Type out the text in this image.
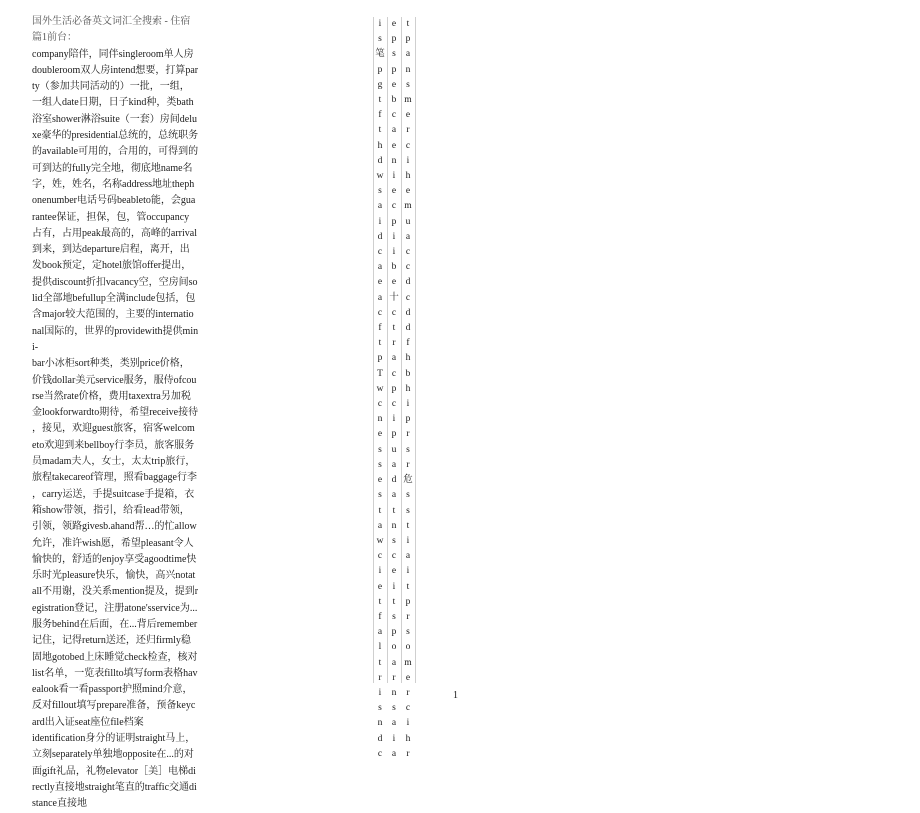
国外生活必备英文词汇全搜索 - 住宿
篇1前台：
company陪伴，同伴singleroom单人房
doubleroom双人房intend想要，打算par
ty（参加共同活动的）一批，一组，
一组人date日期，日子kind种，类bath
浴室shower淋浴suite（一套）房间delu
xe豪华的presidential总统的，总统职务
的available可用的，合用的，可得到的
可到达的fully完全地，彻底地name名
字，姓，姓名，名称address地址theph
onenumber电话号码beableto能，会gua
rantee保证，担保，包，管occupancy
占有，占用peak最高的，高峰的arrival
到来，到达departure启程，离开，出
发book预定，定hotel旅馆offer提出，
提供discount折扣vacancy空，空房间so
lid全部地befullup全满include包括，包
含major较大范围的，主要的internatio
nal国际的，世界的providewith提供min
i-
bar小冰柜sort种类，类别price价格，
价钱dollar美元service服务，服侍ofcou
rse当然rate价格，费用taxextra另加税
金lookforwardto期待，希望receive接待
，接见，欢迎guest旅客，宿客welcom
eto欢迎到来bellboy行李员，旅客服务
员madam夫人，女士，太太trip旅行，
旅程takecareof管理，照看baggage行李
，carry运送，手提suitcase手提箱，衣
箱show带领，指引，给看lead带领，
引领，领路givesb.ahand帮…的忙allow
允许，准许wish愿，希望pleasant令人
愉快的，舒适的enjoy享受agoodtime快
乐时光pleasure快乐，愉快，高兴notat
all不用谢，没关系mention提及，提到r
egistration登记，注册atone'sservice为...
服务behind在后面，在...背后remember
记住，记得return送还，还归firmly稳
固地gotobed上床睡觉check检查，核对
list名单，一览表fillto填写form表格hav
ealook看一看passport护照mind介意，
反对fillout填写prepare准备，预备keyc
ard出入证seat座位file档案
identification身分的证明straight马上，
立刻separately单独地opposite在...的对
面gift礼品，礼物elevator［美］电梯di
rectly直接地straight笔直的traffic交通di
stance直接地
i
s
笔
p
g
t
f
t
h
d
w
s
a
i
d
c
a
e
a
c
f
t
p
T
w
c
n
e
s
s
e
s
t
a
w
c
i
e
t
f
a
l
t
r
i
s
n
d
c
e
p
s
p
e
b
c
a
e
n
i
e
c
p
i
i
b
e
十
c
t
r
a
c
p
c
i
p
u
a
d
a
t
n
s
c
e
i
t
s
p
o
a
r
n
s
a
i
a
t
p
a
n
s
m
e
r
c
i
h
e
m
u
a
c
c
d
c
d
d
f
h
b
h
i
p
r
s
r
危
s
s
t
i
a
i
t
p
r
s
o
m
e
r
c
i
h
r
1
